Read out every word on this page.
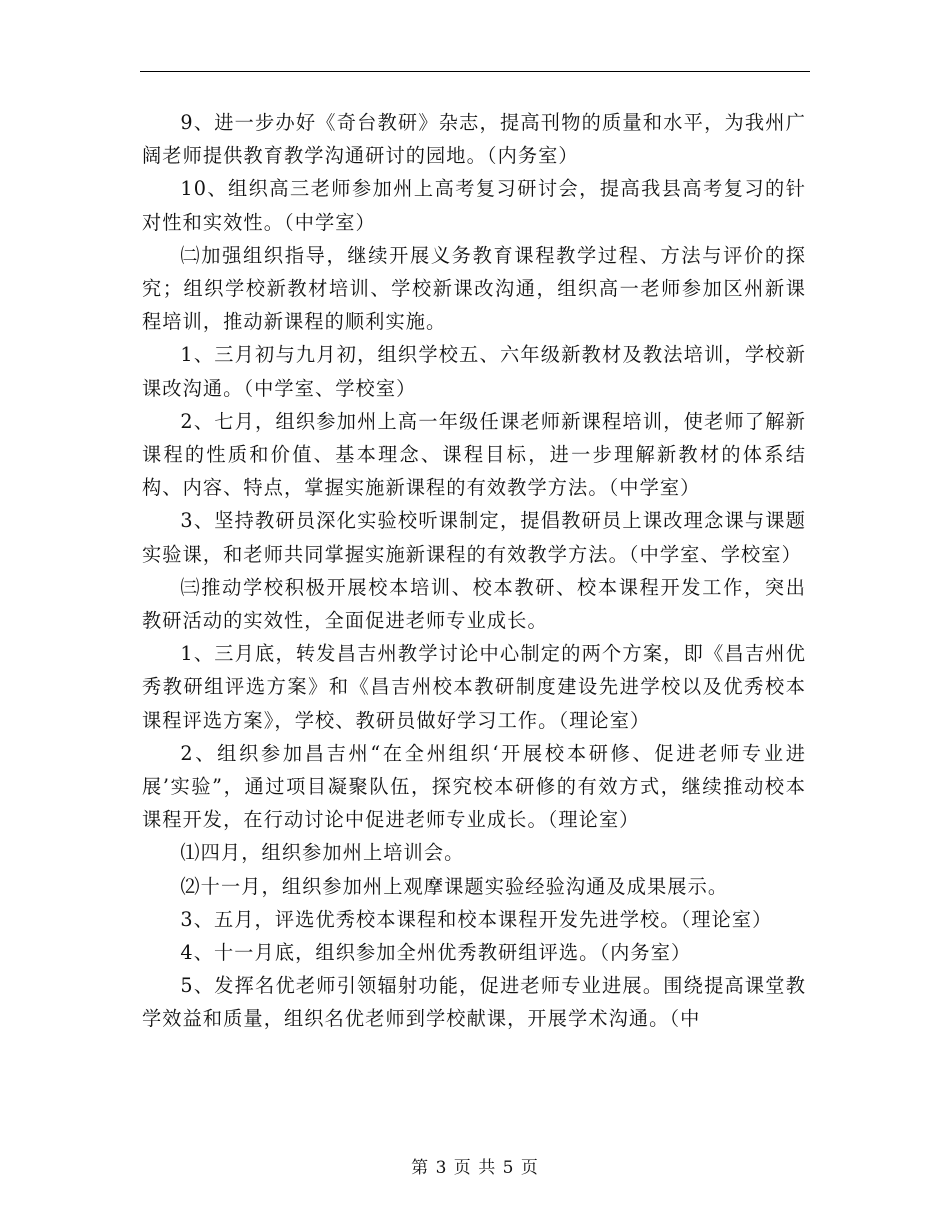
9、进一步办好《奇台教研》杂志，提高刊物的质量和水平，为我州广阔老师提供教育教学沟通研讨的园地。（内务室）

10、组织高三老师参加州上高考复习研讨会，提高我县高考复习的针对性和实效性。（中学室）

㈡加强组织指导，继续开展义务教育课程教学过程、方法与评价的探究；组织学校新教材培训、学校新课改沟通，组织高一老师参加区州新课程培训，推动新课程的顺利实施。

1、三月初与九月初，组织学校五、六年级新教材及教法培训，学校新课改沟通。（中学室、学校室）

2、七月，组织参加州上高一年级任课老师新课程培训，使老师了解新课程的性质和价值、基本理念、课程目标，进一步理解新教材的体系结构、内容、特点，掌握实施新课程的有效教学方法。（中学室）

3、坚持教研员深化实验校听课制定，提倡教研员上课改理念课与课题实验课，和老师共同掌握实施新课程的有效教学方法。（中学室、学校室）

㈢推动学校积极开展校本培训、校本教研、校本课程开发工作，突出教研活动的实效性，全面促进老师专业成长。

1、三月底，转发昌吉州教学讨论中心制定的两个方案，即《昌吉州优秀教研组评选方案》和《昌吉州校本教研制度建设先进学校以及优秀校本课程评选方案》，学校、教研员做好学习工作。（理论室）

2、组织参加昌吉州“在全州组织‘开展校本研修、促进老师专业进展’实验”，通过项目凝聚队伍，探究校本研修的有效方式，继续推动校本课程开发，在行动讨论中促进老师专业成长。（理论室）

⑴四月，组织参加州上培训会。

⑵十一月，组织参加州上观摩课题实验经验沟通及成果展示。

3、五月，评选优秀校本课程和校本课程开发先进学校。（理论室）

4、十一月底，组织参加全州优秀教研组评选。（内务室）

5、发挥名优老师引领辐射功能，促进老师专业进展。围绕提高课堂教学效益和质量，组织名优老师到学校献课，开展学术沟通。（中

第 3 页 共 5 页
